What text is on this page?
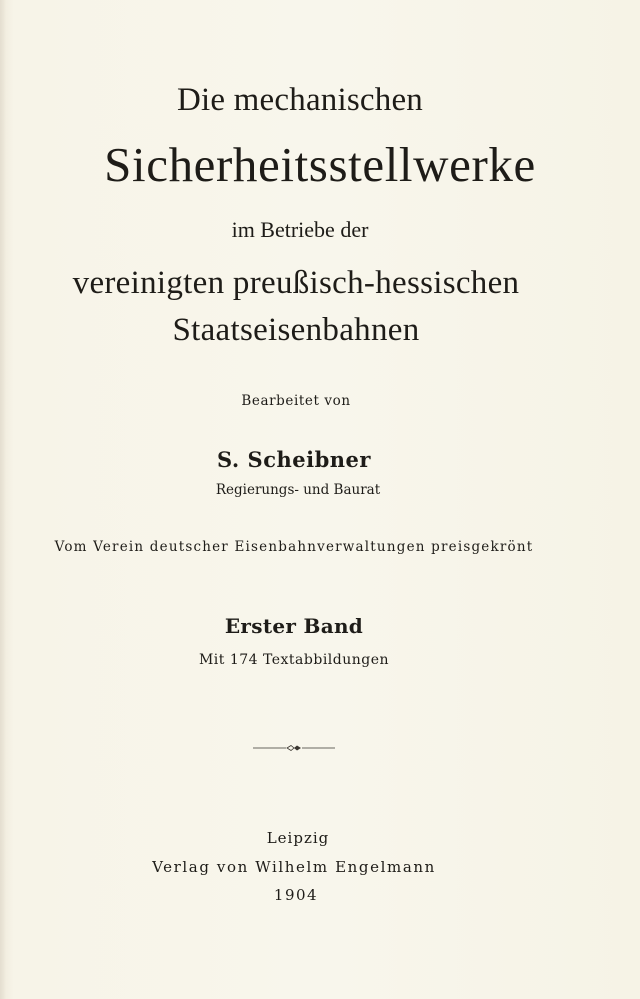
Die mechanischen
Sicherheitsstellwerke
im Betriebe der
vereinigten preußisch-hessischen
Staatseisenbahnen
Bearbeitet von
S. Scheibner
Regierungs- und Baurat
Vom Verein deutscher Eisenbahnverwaltungen preisgekrönt
Erster Band
Mit 174 Textabbildungen
Leipzig
Verlag von Wilhelm Engelmann
1904
